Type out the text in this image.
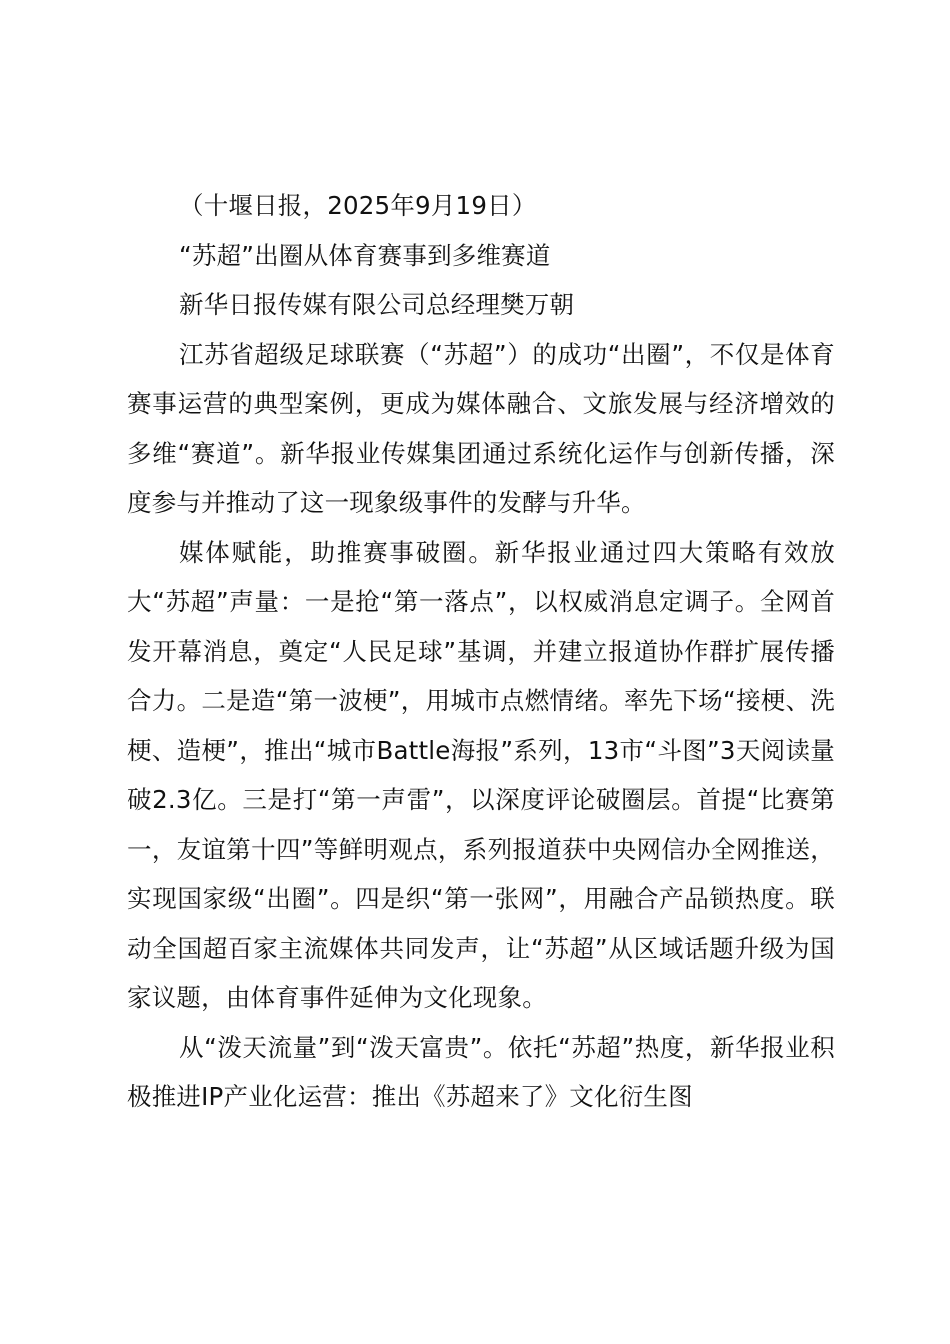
（十堰日报，2025年9月19日）

“苏超”出圈从体育赛事到多维赛道

新华日报传媒有限公司总经理樊万朝

江苏省超级足球联赛（“苏超”）的成功“出圈”，不仅是体育赛事运营的典型案例，更成为媒体融合、文旅发展与经济增效的多维“赛道”。新华报业传媒集团通过系统化运作与创新传播，深度参与并推动了这一现象级事件的发酵与升华。

媒体赋能，助推赛事破圈。新华报业通过四大策略有效放大“苏超”声量：一是抢“第一落点”，以权威消息定调子。全网首发开幕消息，奠定“人民足球”基调，并建立报道协作群扩展传播合力。二是造“第一波梗”，用城市点燃情绪。率先下场“接梗、洗梗、造梗”，推出“城市Battle海报”系列，13市“斗图”3天阅读量破2.3亿。三是打“第一声雷”，以深度评论破圈层。首提“比赛第一，友谊第十四”等鲜明观点，系列报道获中央网信办全网推送，实现国家级“出圈”。四是织“第一张网”，用融合产品锁热度。联动全国超百家主流媒体共同发声，让“苏超”从区域话题升级为国家议题，由体育事件延伸为文化现象。

从“泼天流量”到“泼天富贵”。依托“苏超”热度，新华报业积极推进IP产业化运营：推出《苏超来了》文化衍生图
